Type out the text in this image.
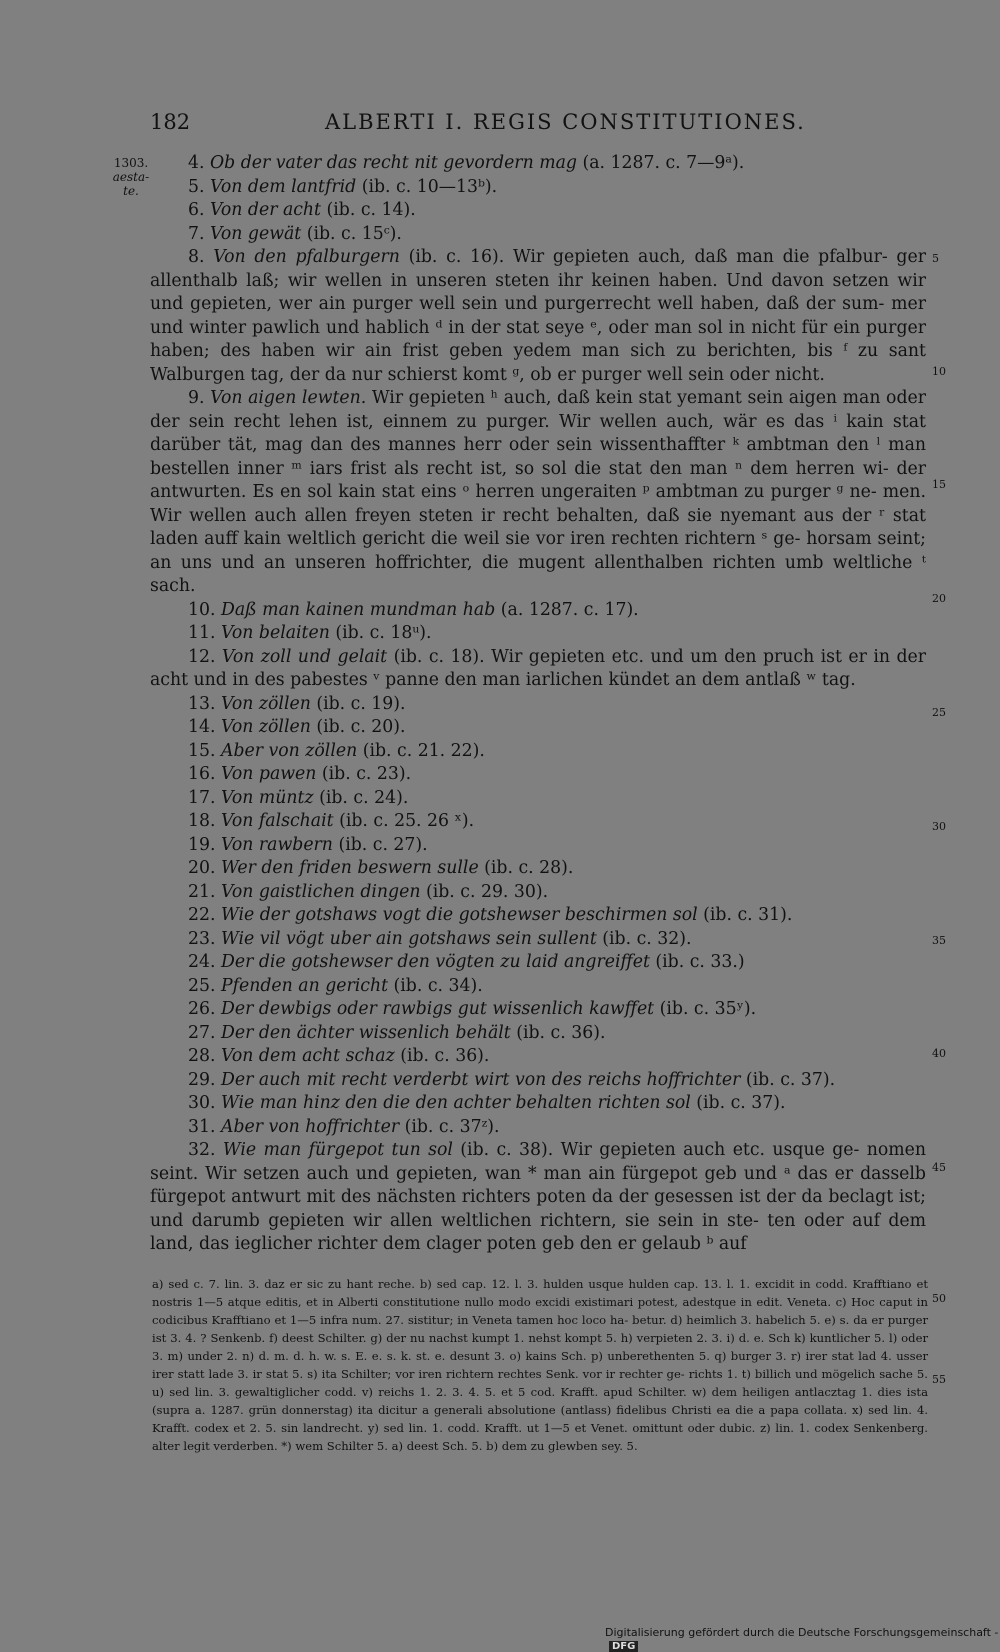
182	ALBERTI I. REGIS CONSTITUTIONES.
1303.
aesta-
te.

4. Ob der vater das recht nit gevordern mag (a. 1287. c. 7—9ᵃ).

5. Von dem lantfrid (ib. c. 10—13ᵇ).

6. Von der acht (ib. c. 14).

7. Von gewät (ib. c. 15ᶜ).

8. Von den pfalburgern (ib. c. 16). Wir gepieten auch, daß man die pfalbur- ger allenthalb laß; wir wellen in unseren steten ihr keinen haben. Und davon setzen wir und gepieten, wer ain purger well sein und purgerrecht well haben, daß der sum- mer und winter pawlich und hablich ᵈ in der stat seye ᵉ, oder man sol in nicht für ein purger haben; des haben wir ain frist geben yedem man sich zu berichten, bis ᶠ zu sant Walburgen tag, der da nur schierst komt ᵍ, ob er purger well sein oder nicht.

9. Von aigen lewten. Wir gepieten ʰ auch, daß kein stat yemant sein aigen man oder der sein recht lehen ist, einnem zu purger. Wir wellen auch, wär es das ⁱ kain stat darüber tät, mag dan des mannes herr oder sein wissenthaffter ᵏ ambtman den ˡ man bestellen inner ᵐ iars frist als recht ist, so sol die stat den man ⁿ dem herren wi- der antwurten. Es en sol kain stat eins ᵒ herren ungeraiten ᵖ ambtman zu purger ᵍ ne- men. Wir wellen auch allen freyen steten ir recht behalten, daß sie nyemant aus der ʳ stat laden auff kain weltlich gericht die weil sie vor iren rechten richtern ˢ ge- horsam seint; an uns und an unseren hoffrichter, die mugent allenthalben richten umb weltliche ᵗ sach.

10. Daß man kainen mundman hab (a. 1287. c. 17).

11. Von belaiten (ib. c. 18ᵘ).

12. Von zoll und gelait (ib. c. 18). Wir gepieten etc. und um den pruch ist er in der acht und in des pabestes ᵛ panne den man iarlichen kündet an dem antlaß ʷ tag.

13. Von zöllen (ib. c. 19).

14. Von zöllen (ib. c. 20).

15. Aber von zöllen (ib. c. 21. 22).

16. Von pawen (ib. c. 23).

17. Von müntz (ib. c. 24).

18. Von falschait (ib. c. 25. 26 ˣ).

19. Von rawbern (ib. c. 27).

20. Wer den friden beswern sulle (ib. c. 28).

21. Von gaistlichen dingen (ib. c. 29. 30).

22. Wie der gotshaws vogt die gotshewser beschirmen sol (ib. c. 31).

23. Wie vil vögt uber ain gotshaws sein sullent (ib. c. 32).

24. Der die gotshewser den vögten zu laid angreiffet (ib. c. 33.)

25. Pfenden an gericht (ib. c. 34).

26. Der dewbigs oder rawbigs gut wissenlich kawffet (ib. c. 35ʸ).

27. Der den ächter wissenlich behält (ib. c. 36).

28. Von dem acht schaz (ib. c. 36).

29. Der auch mit recht verderbt wirt von des reichs hoffrichter (ib. c. 37).

30. Wie man hinz den die den achter behalten richten sol (ib. c. 37).

31. Aber von hoffrichter (ib. c. 37ᶻ).

32. Wie man fürgepot tun sol (ib. c. 38). Wir gepieten auch etc. usque ge- nomen seint. Wir setzen auch und gepieten, wan * man ain fürgepot geb und ᵃ das er dasselb fürgepot antwurt mit des nächsten richters poten da der gesessen ist der da beclagt ist; und darumb gepieten wir allen weltlichen richtern, sie sein in ste- ten oder auf dem land, das ieglicher richter dem clager poten geb den er gelaub ᵇ auf

5
10
15
20
25
30
35
40
45
50
55

a) sed c. 7. lin. 3. daz er sic zu hant reche. b) sed cap. 12. l. 3. hulden usque hulden cap. 13. l. 1. excidit in codd. Krafftiano et nostris 1—5 atque editis, et in Alberti constitutione nullo modo excidi existimari potest, adestque in edit. Veneta. c) Hoc caput in codicibus Krafftiano et 1—5 infra num. 27. sistitur; in Veneta tamen hoc loco ha- betur. d) heimlich 3. habelich 5. e) s. da er purger ist 3. 4. ? Senkenb. f) deest Schilter. g) der nu nachst kumpt 1. nehst kompt 5. h) verpieten 2. 3. i) d. e. Sch k) kuntlicher 5. l) oder 3. m) under 2. n) d. m. d. h. w. s. E. e. s. k. st. e. desunt 3. o) kains Sch. p) unberethenten 5. q) burger 3. r) irer stat lad 4. usser irer statt lade 3. ir stat 5. s) ita Schilter; vor iren richtern rechtes Senk. vor ir rechter ge- richts 1. t) billich und mögelich sache 5. u) sed lin. 3. gewaltiglicher codd. v) reichs 1. 2. 3. 4. 5. et 5 cod. Krafft. apud Schilter. w) dem heiligen antlaсztag 1. dies ista (supra a. 1287. grün donnerstag) ita dicitur a generali absolutione (antlass) fidelibus Christi ea die a papa collata. x) sed lin. 4. Krafft. codex et 2. 5. sin landrecht. y) sed lin. 1. codd. Krafft. ut 1—5 et Venet. omittunt oder dubic. z) lin. 1. codex Senkenberg. alter legit verderben. *) wem Schilter 5. a) deest Sch. 5. b) dem zu glewben sey. 5.

Digitalisierung gefördert durch die Deutsche Forschungsgemeinschaft -DFG
